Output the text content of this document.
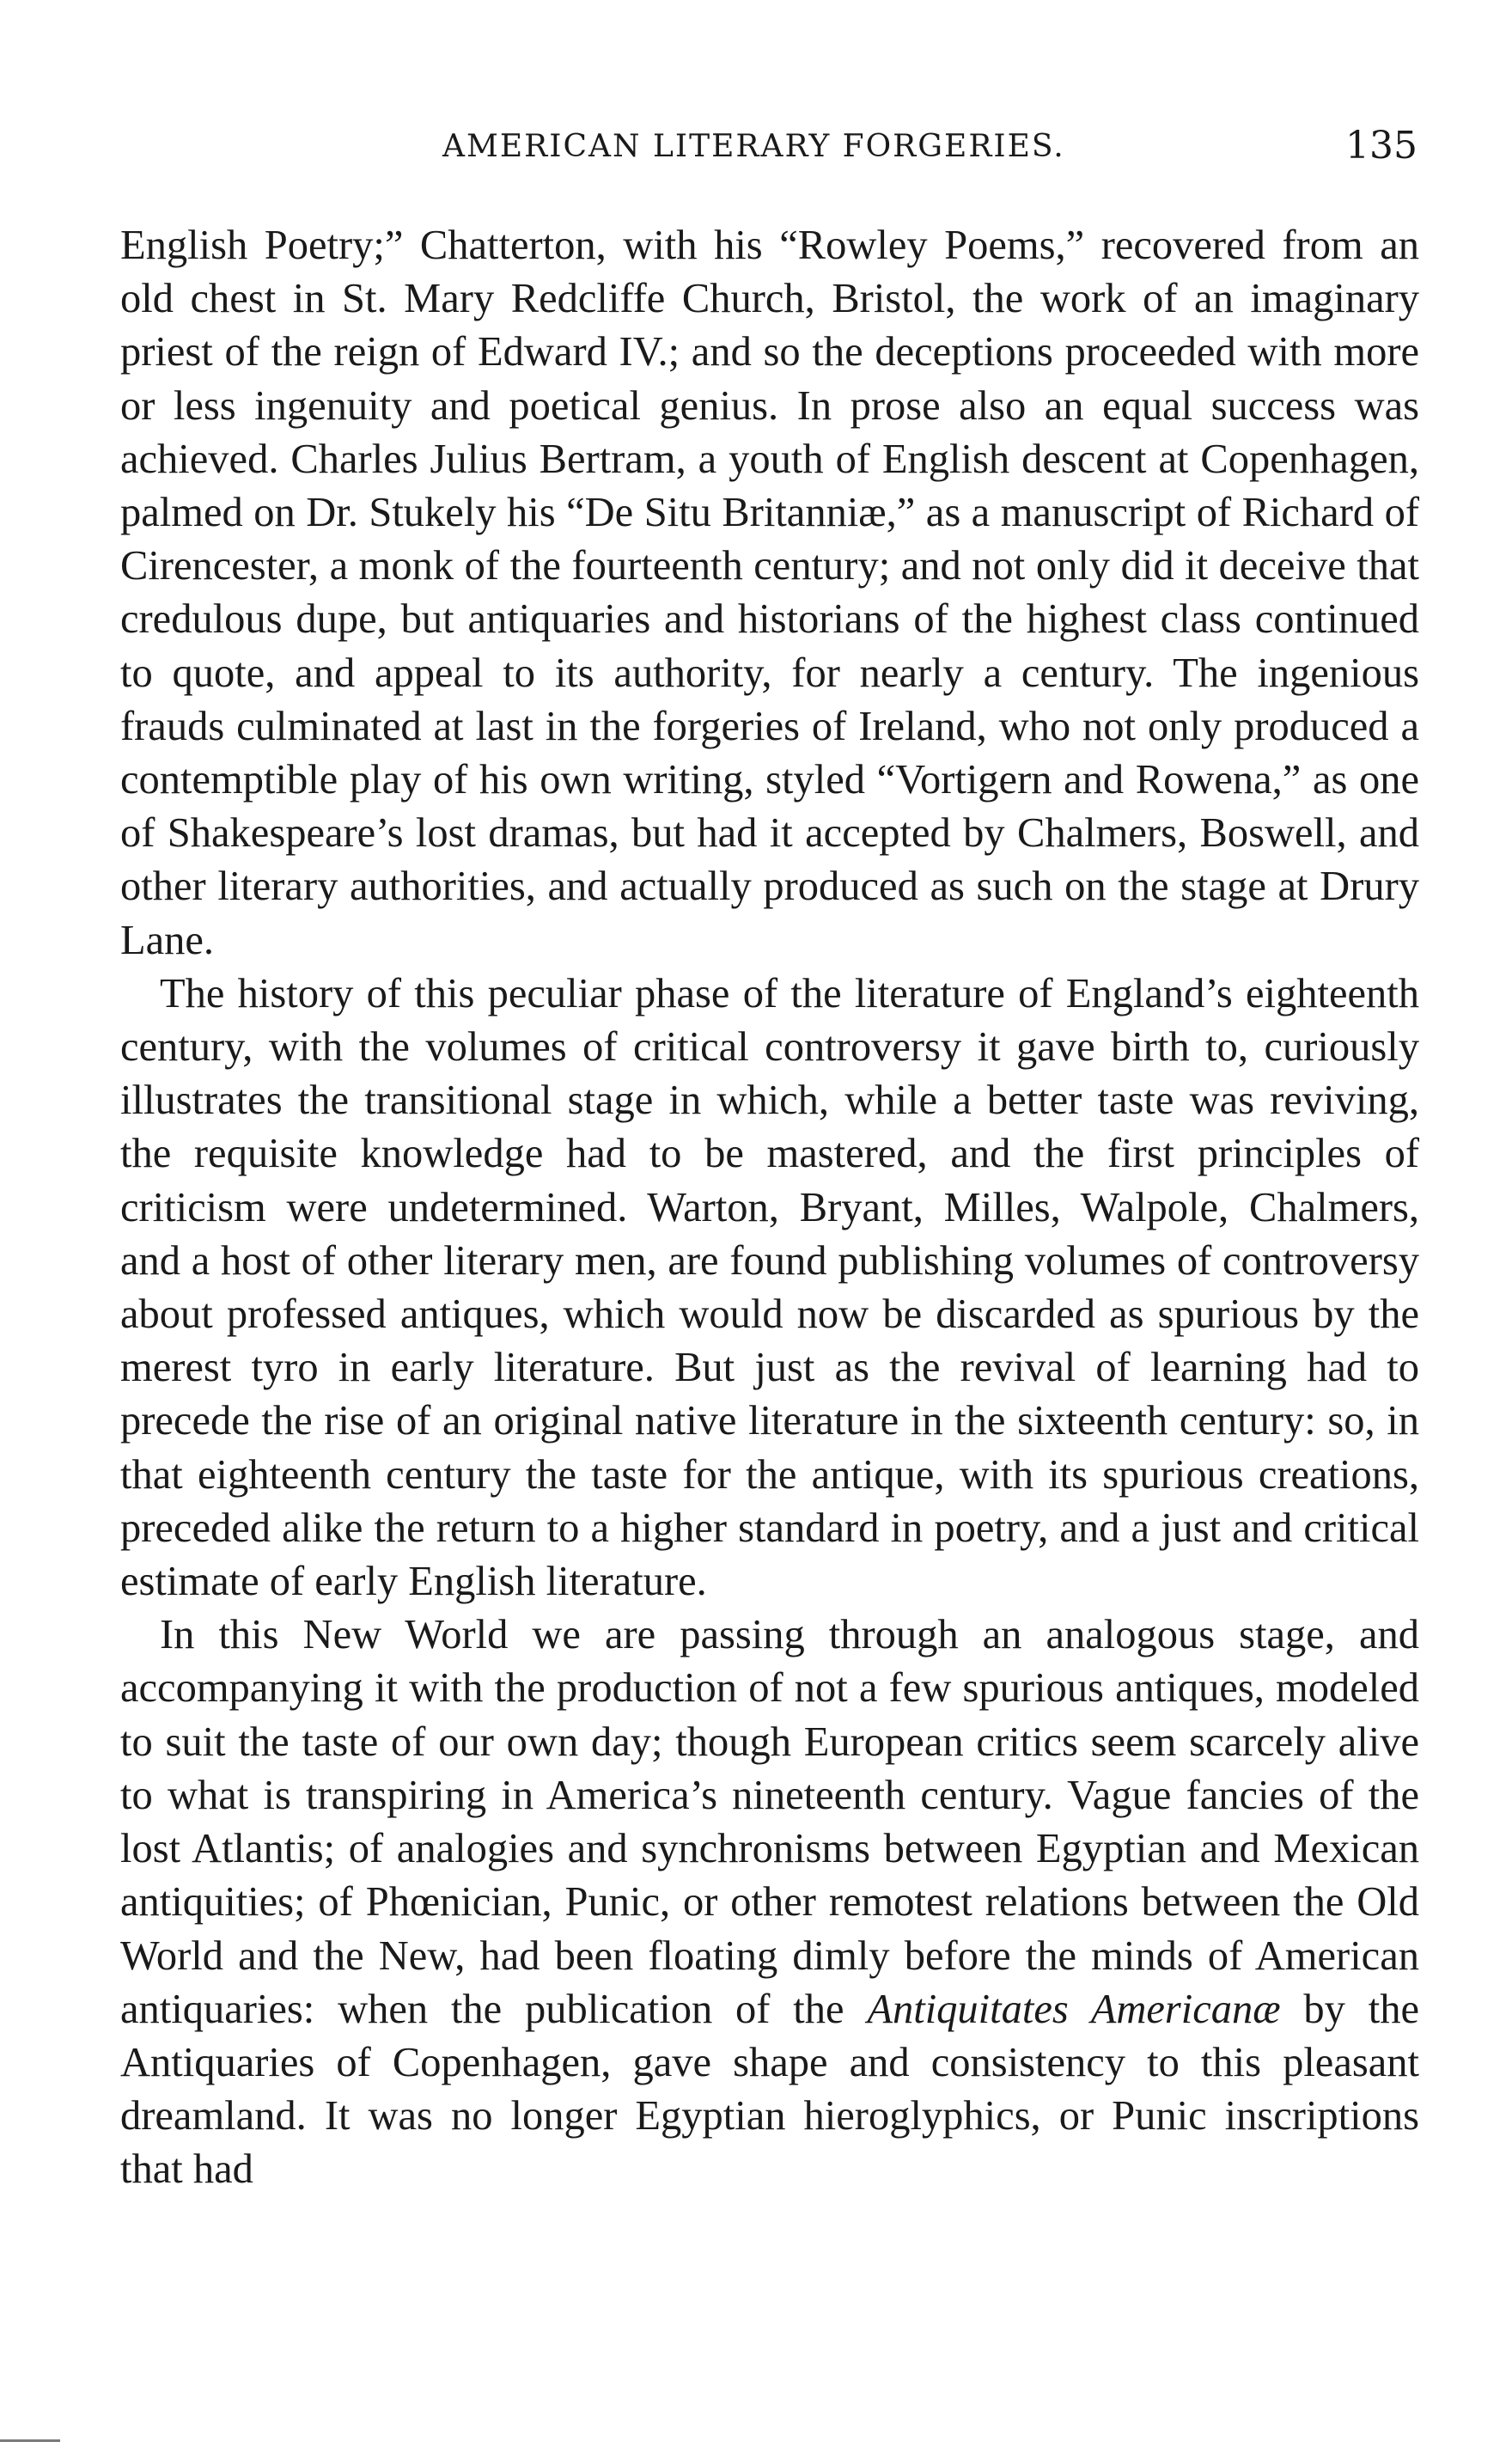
AMERICAN LITERARY FORGERIES.	135

English Poetry;” Chatterton, with his “Rowley Poems,” recovered from an old chest in St. Mary Redcliffe Church, Bristol, the work of an imaginary priest of the reign of Edward IV.; and so the deceptions proceeded with more or less ingenuity and poetical genius. In prose also an equal success was achieved. Charles Julius Bertram, a youth of English descent at Copenhagen, palmed on Dr. Stukely his “De Situ Britanniæ,” as a manuscript of Richard of Cirencester, a monk of the fourteenth century; and not only did it deceive that credulous dupe, but antiquaries and historians of the highest class continued to quote, and appeal to its authority, for nearly a century. The ingenious frauds culminated at last in the forgeries of Ireland, who not only produced a contemptible play of his own writing, styled “Vortigern and Rowena,” as one of Shakespeare’s lost dramas, but had it accepted by Chalmers, Boswell, and other literary authorities, and actually produced as such on the stage at Drury Lane.

The history of this peculiar phase of the literature of England’s eighteenth century, with the volumes of critical controversy it gave birth to, curiously illustrates the transitional stage in which, while a better taste was reviving, the requisite knowledge had to be mastered, and the first principles of criticism were undetermined. Warton, Bryant, Milles, Walpole, Chalmers, and a host of other literary men, are found publishing volumes of controversy about professed antiques, which would now be discarded as spurious by the merest tyro in early literature. But just as the revival of learning had to precede the rise of an original native literature in the sixteenth century: so, in that eighteenth century the taste for the antique, with its spurious creations, preceded alike the return to a higher standard in poetry, and a just and critical estimate of early English literature.

In this New World we are passing through an analogous stage, and accompanying it with the production of not a few spurious antiques, modeled to suit the taste of our own day; though European critics seem scarcely alive to what is transpiring in America’s nineteenth century. Vague fancies of the lost Atlantis; of analogies and synchronisms between Egyptian and Mexican antiquities; of Phœnician, Punic, or other remotest relations between the Old World and the New, had been floating dimly before the minds of American antiquaries: when the publication of the Antiquitates Americanæ by the Antiquaries of Copenhagen, gave shape and consistency to this pleasant dreamland. It was no longer Egyptian hieroglyphics, or Punic inscriptions that had
